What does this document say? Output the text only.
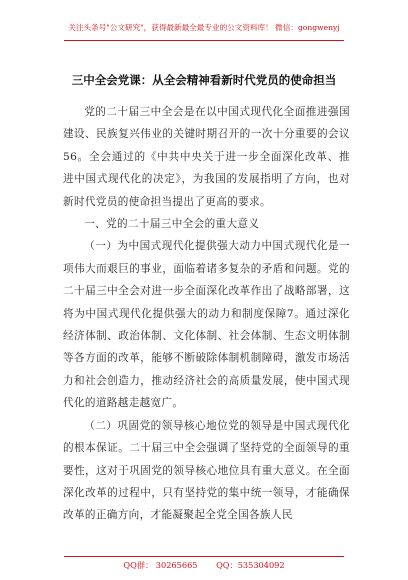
关注头条号"公文研究"，获得最新最全最专业的公文资料库！ 微信：gongwenyj
三中全会党课：从全会精神看新时代党员的使命担当

党的二十届三中全会是在以中国式现代化全面推进强国建设、民族复兴伟业的关键时期召开的一次十分重要的会议56。全会通过的《中共中央关于进一步全面深化改革、推进中国式现代化的决定》，为我国的发展指明了方向，也对新时代党员的使命担当提出了更高的要求。

一、党的二十届三中全会的重大意义

（一）为中国式现代化提供强大动力中国式现代化是一项伟大而艰巨的事业，面临着诸多复杂的矛盾和问题。党的二十届三中全会对进一步全面深化改革作出了战略部署，这将为中国式现代化提供强大的动力和制度保障7。通过深化经济体制、政治体制、文化体制、社会体制、生态文明体制等各方面的改革，能够不断破除体制机制障碍，激发市场活力和社会创造力，推动经济社会的高质量发展，使中国式现代化的道路越走越宽广。

（二）巩固党的领导核心地位党的领导是中国式现代化的根本保证。二十届三中全会强调了坚持党的全面领导的重要性，这对于巩固党的领导核心地位具有重大意义。在全面深化改革的过程中，只有坚持党的集中统一领导，才能确保改革的正确方向，才能凝聚起全党全国各族人民

QQ群： 30265665 QQ：535304092
